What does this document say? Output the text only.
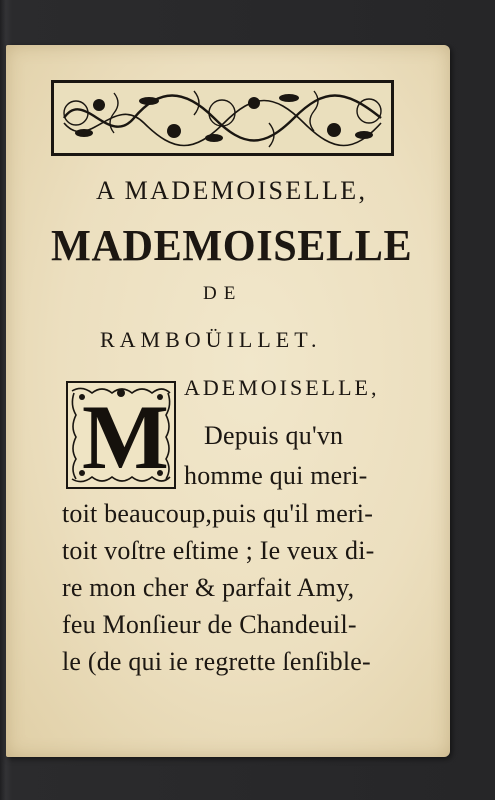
A MADEMOISELLE,
MADEMOISELLE
DE
RAMBOÜILLET.
M ADEMOISELLE,
Depuis qu'vn
homme qui meri-
toit beaucoup,puis qu'il meri-
toit voſtre eſtime ; Ie veux di-
re mon cher & parfait Amy,
feu Monſieur de Chandeuil-
le (de qui ie regrette ſenſible-
